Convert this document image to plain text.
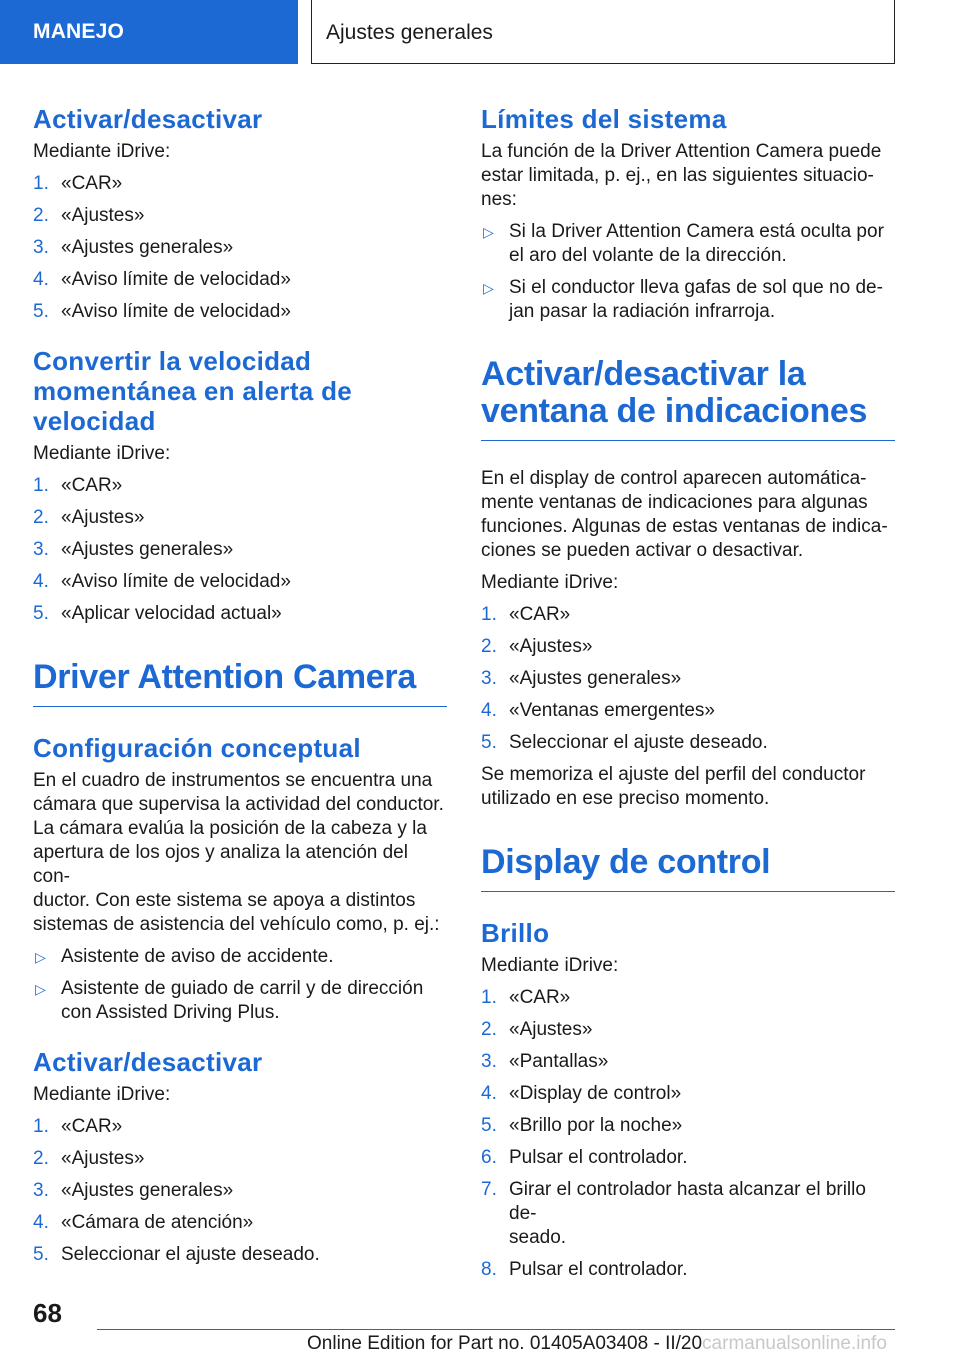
MANEJO	Ajustes generales
Activar/desactivar

Mediante iDrive:

1. «CAR»
2. «Ajustes»
3. «Ajustes generales»
4. «Aviso límite de velocidad»
5. «Aviso límite de velocidad»
Convertir la velocidad
momentánea en alerta de
velocidad

Mediante iDrive:

1. «CAR»
2. «Ajustes»
3. «Ajustes generales»
4. «Aviso límite de velocidad»
5. «Aplicar velocidad actual»
Driver Attention Camera
Configuración conceptual

En el cuadro de instrumentos se encuentra una
cámara que supervisa la actividad del conductor.
La cámara evalúa la posición de la cabeza y la
apertura de los ojos y analiza la atención del con-
ductor. Con este sistema se apoya a distintos
sistemas de asistencia del vehículo como, p. ej.:

▷ Asistente de aviso de accidente.
▷ Asistente de guiado de carril y de dirección
con Assisted Driving Plus.
Activar/desactivar

Mediante iDrive:

1. «CAR»
2. «Ajustes»
3. «Ajustes generales»
4. «Cámara de atención»
5. Seleccionar el ajuste deseado.
Límites del sistema

La función de la Driver Attention Camera puede
estar limitada, p. ej., en las siguientes situacio-
nes:

▷ Si la Driver Attention Camera está oculta por
el aro del volante de la dirección.
▷ Si el conductor lleva gafas de sol que no de-
jan pasar la radiación infrarroja.
Activar/desactivar la
ventana de indicaciones

En el display de control aparecen automática-
mente ventanas de indicaciones para algunas
funciones. Algunas de estas ventanas de indica-
ciones se pueden activar o desactivar.

Mediante iDrive:

1. «CAR»
2. «Ajustes»
3. «Ajustes generales»
4. «Ventanas emergentes»
5. Seleccionar el ajuste deseado.

Se memoriza el ajuste del perfil del conductor
utilizado en ese preciso momento.

Display de control
Brillo

Mediante iDrive:

1. «CAR»
2. «Ajustes»
3. «Pantallas»
4. «Display de control»
5. «Brillo por la noche»
6. Pulsar el controlador.
7. Girar el controlador hasta alcanzar el brillo de-
seado.
8. Pulsar el controlador.
68
Online Edition for Part no. 01405A03408 - II/20carmanualsonline.info
